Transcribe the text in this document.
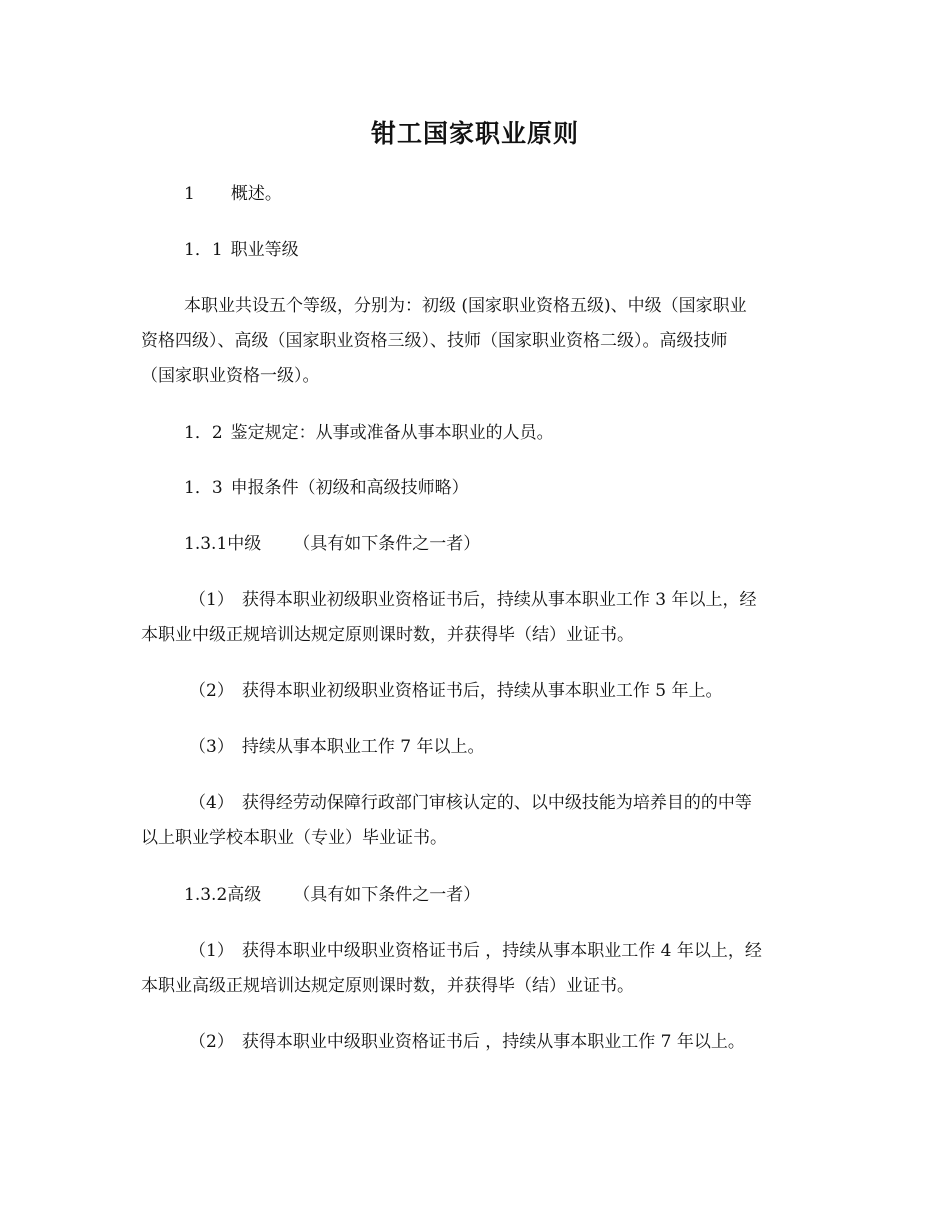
钳工国家职业原则
1 概述。
1．1 职业等级
本职业共设五个等级，分别为：初级 (国家职业资格五级)、中级（国家职业
资格四级）、高级（国家职业资格三级）、技师（国家职业资格二级）。高级技师
（国家职业资格一级）。
1．2 鉴定规定：从事或准备从事本职业的人员。
1．3 申报条件（初级和高级技师略）
1.3.1中级 （具有如下条件之一者）
（1） 获得本职业初级职业资格证书后，持续从事本职业工作 3 年以上，经
本职业中级正规培训达规定原则课时数，并获得毕（结）业证书。
（2） 获得本职业初级职业资格证书后，持续从事本职业工作 5 年上。
（3） 持续从事本职业工作 7 年以上。
（4） 获得经劳动保障行政部门审核认定的、以中级技能为培养目的的中等
以上职业学校本职业（专业）毕业证书。
1.3.2高级 （具有如下条件之一者）
（1） 获得本职业中级职业资格证书后 ，持续从事本职业工作 4 年以上，经
本职业高级正规培训达规定原则课时数，并获得毕（结）业证书。
（2） 获得本职业中级职业资格证书后 ，持续从事本职业工作 7 年以上。
